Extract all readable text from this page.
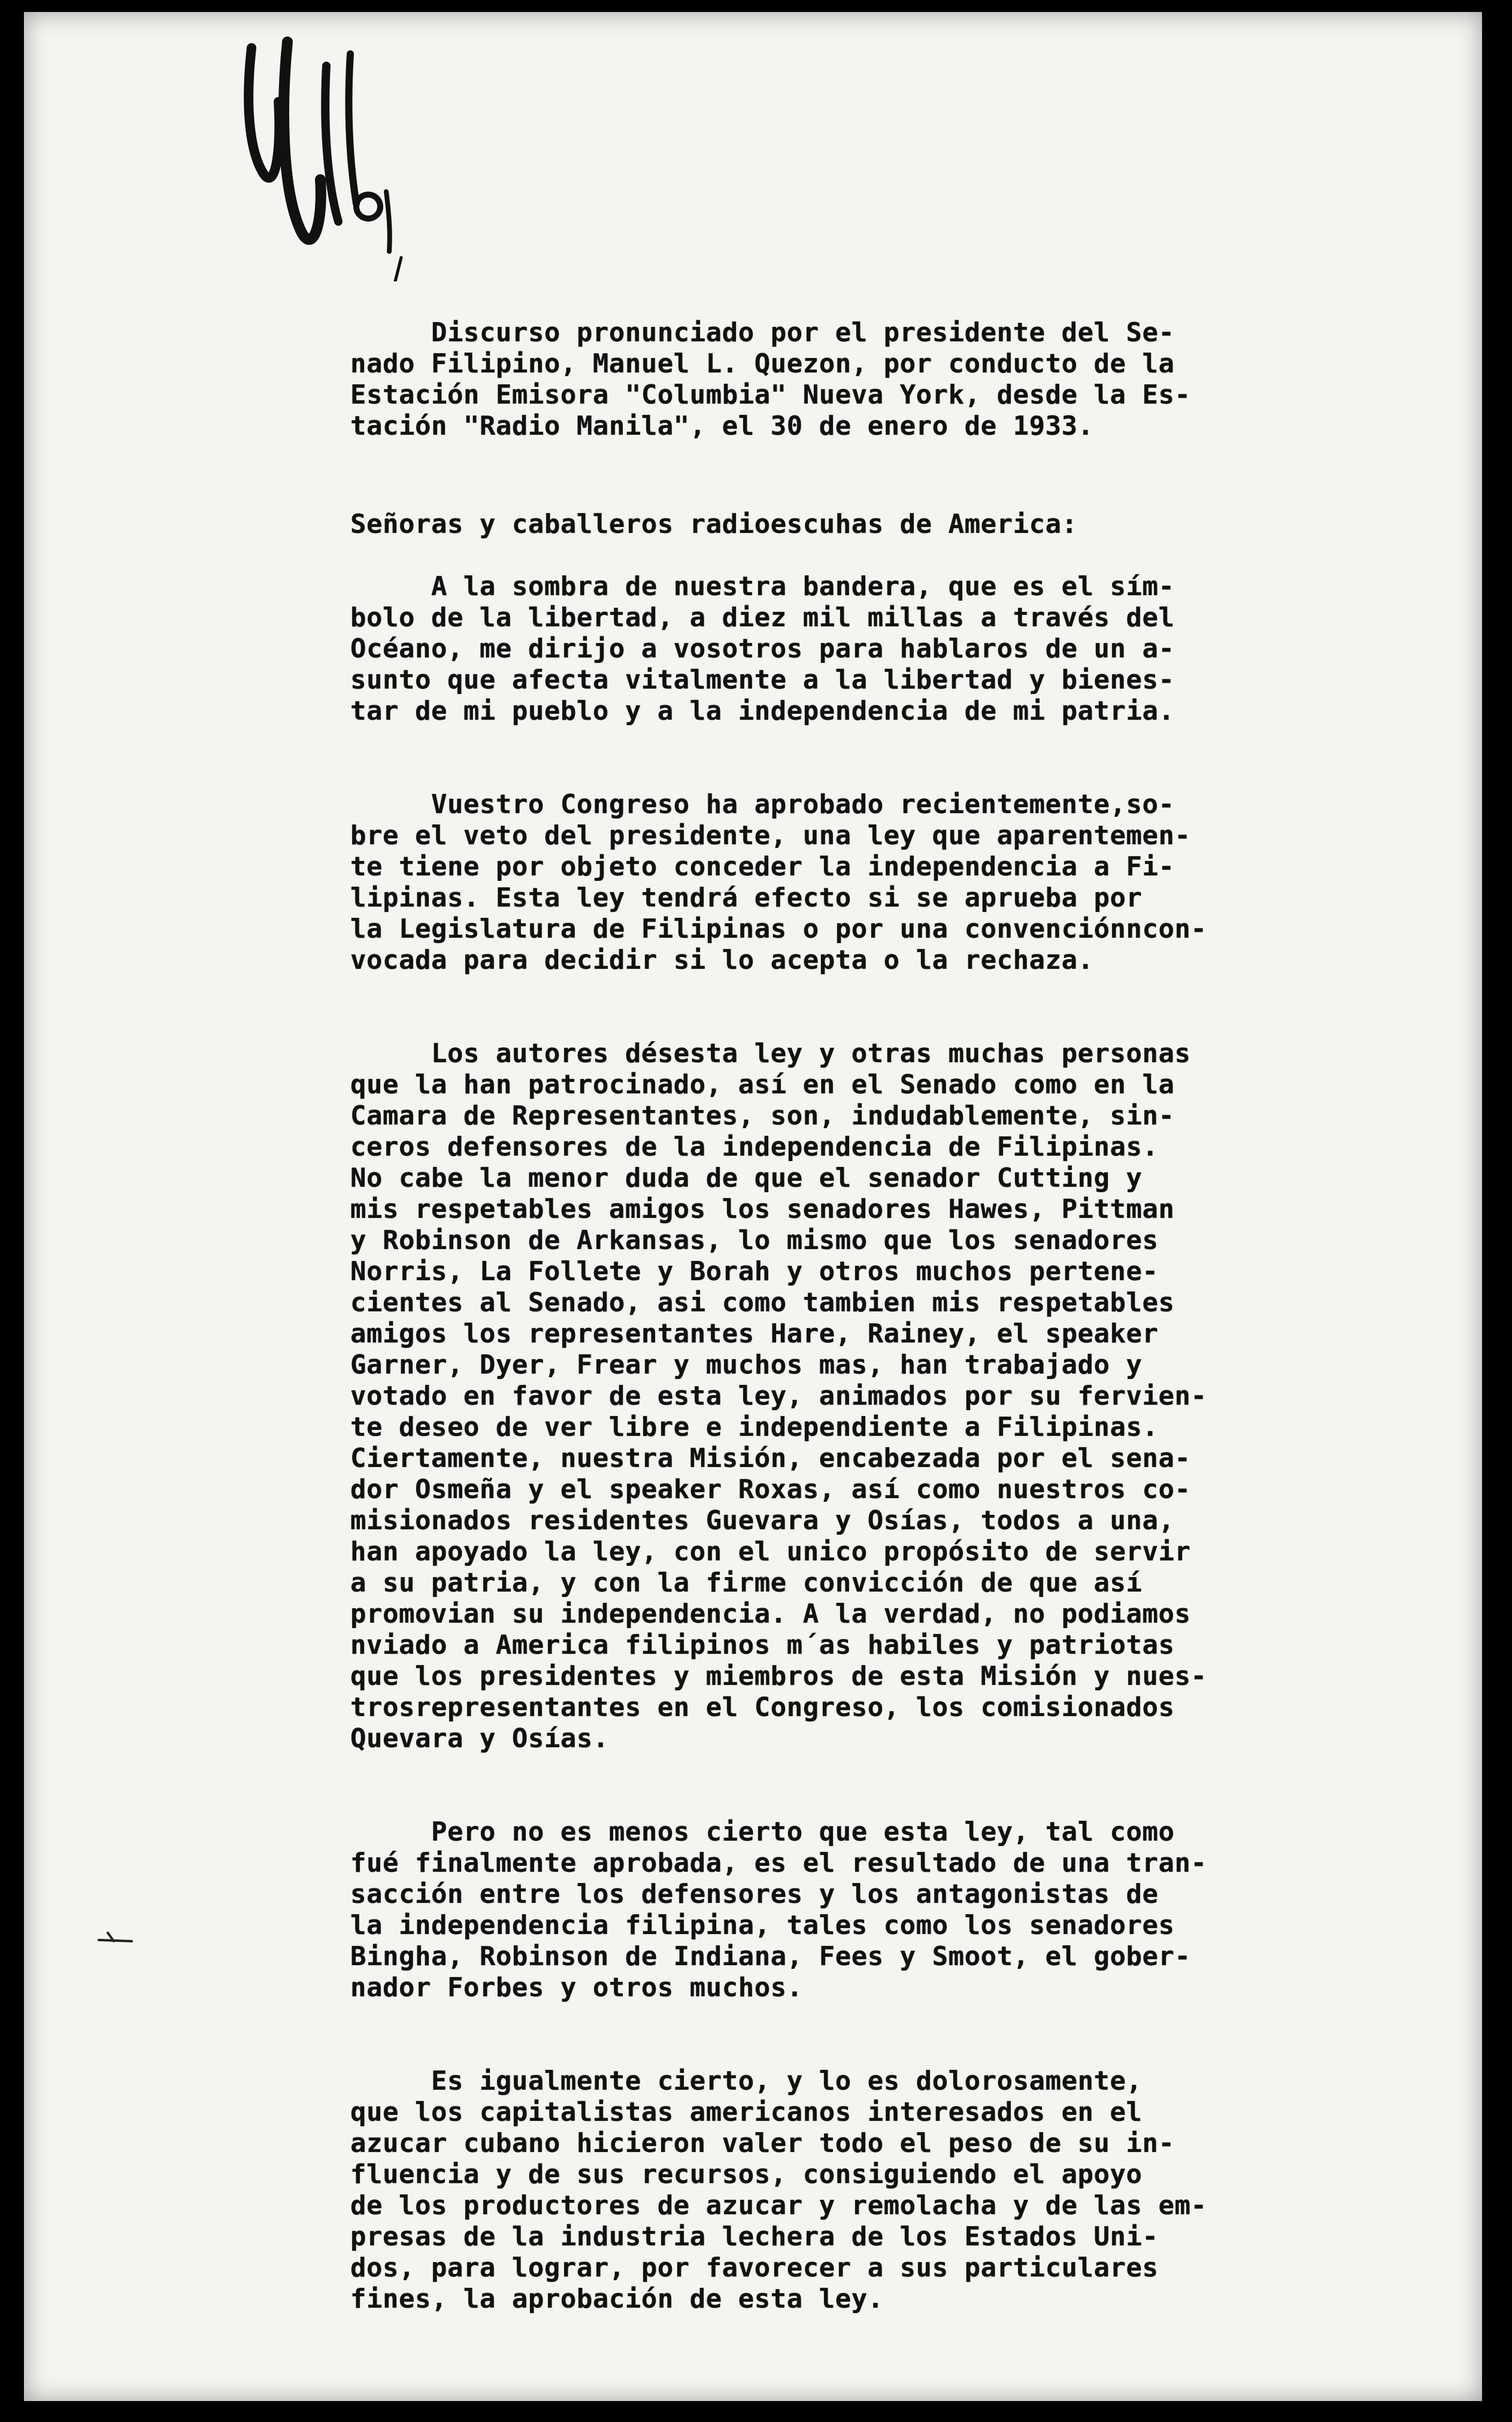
Discurso pronunciado por el presidente del Se-
nado Filipino, Manuel L. Quezon, por conducto de la
Estación Emisora "Columbia" Nueva York, desde la Es-
tación "Radio Manila", el 30 de enero de 1933.

Señoras y caballeros radioescuhas de America:

A la sombra de nuestra bandera, que es el sím-
bolo de la libertad, a diez mil millas a través del
Océano, me dirijo a vosotros para hablaros de un a-
sunto que afecta vitalmente a la libertad y bienes-
tar de mi pueblo y a la independencia de mi patria.

Vuestro Congreso ha aprobado recientemente,so-
bre el veto del presidente, una ley que aparentemen-
te tiene por objeto conceder la independencia a Fi-
lipinas. Esta ley tendrá efecto si se aprueba por
la Legislatura de Filipinas o por una convenciónncon-
vocada para decidir si lo acepta o la rechaza.

Los autores désesta ley y otras muchas personas
que la han patrocinado, así en el Senado como en la
Camara de Representantes, son, indudablemente, sin-
ceros defensores de la independencia de Filipinas.
No cabe la menor duda de que el senador Cutting y
mis respetables amigos los senadores Hawes, Pittman
y Robinson de Arkansas, lo mismo que los senadores
Norris, La Follete y Borah y otros muchos pertene-
cientes al Senado, asi como tambien mis respetables
amigos los representantes Hare, Rainey, el speaker
Garner, Dyer, Frear y muchos mas, han trabajado y
votado en favor de esta ley, animados por su fervien-
te deseo de ver libre e independiente a Filipinas.
Ciertamente, nuestra Misión, encabezada por el sena-
dor Osmeña y el speaker Roxas, así como nuestros co-
misionados residentes Guevara y Osías, todos a una,
han apoyado la ley, con el unico propósito de servir
a su patria, y con la firme convicción de que así
promovian su independencia. A la verdad, no podiamos
nviado a America filipinos m´as habiles y patriotas
que los presidentes y miembros de esta Misión y nues-
trosrepresentantes en el Congreso, los comisionados
Quevara y Osías.

Pero no es menos cierto que esta ley, tal como
fué finalmente aprobada, es el resultado de una tran-
sacción entre los defensores y los antagonistas de
la independencia filipina, tales como los senadores
Bingha, Robinson de Indiana, Fees y Smoot, el gober-
nador Forbes y otros muchos.

Es igualmente cierto, y lo es dolorosamente,
que los capitalistas americanos interesados en el
azucar cubano hicieron valer todo el peso de su in-
fluencia y de sus recursos, consiguiendo el apoyo
de los productores de azucar y remolacha y de las em-
presas de la industria lechera de los Estados Uni-
dos, para lograr, por favorecer a sus particulares
fines, la aprobación de esta ley.
